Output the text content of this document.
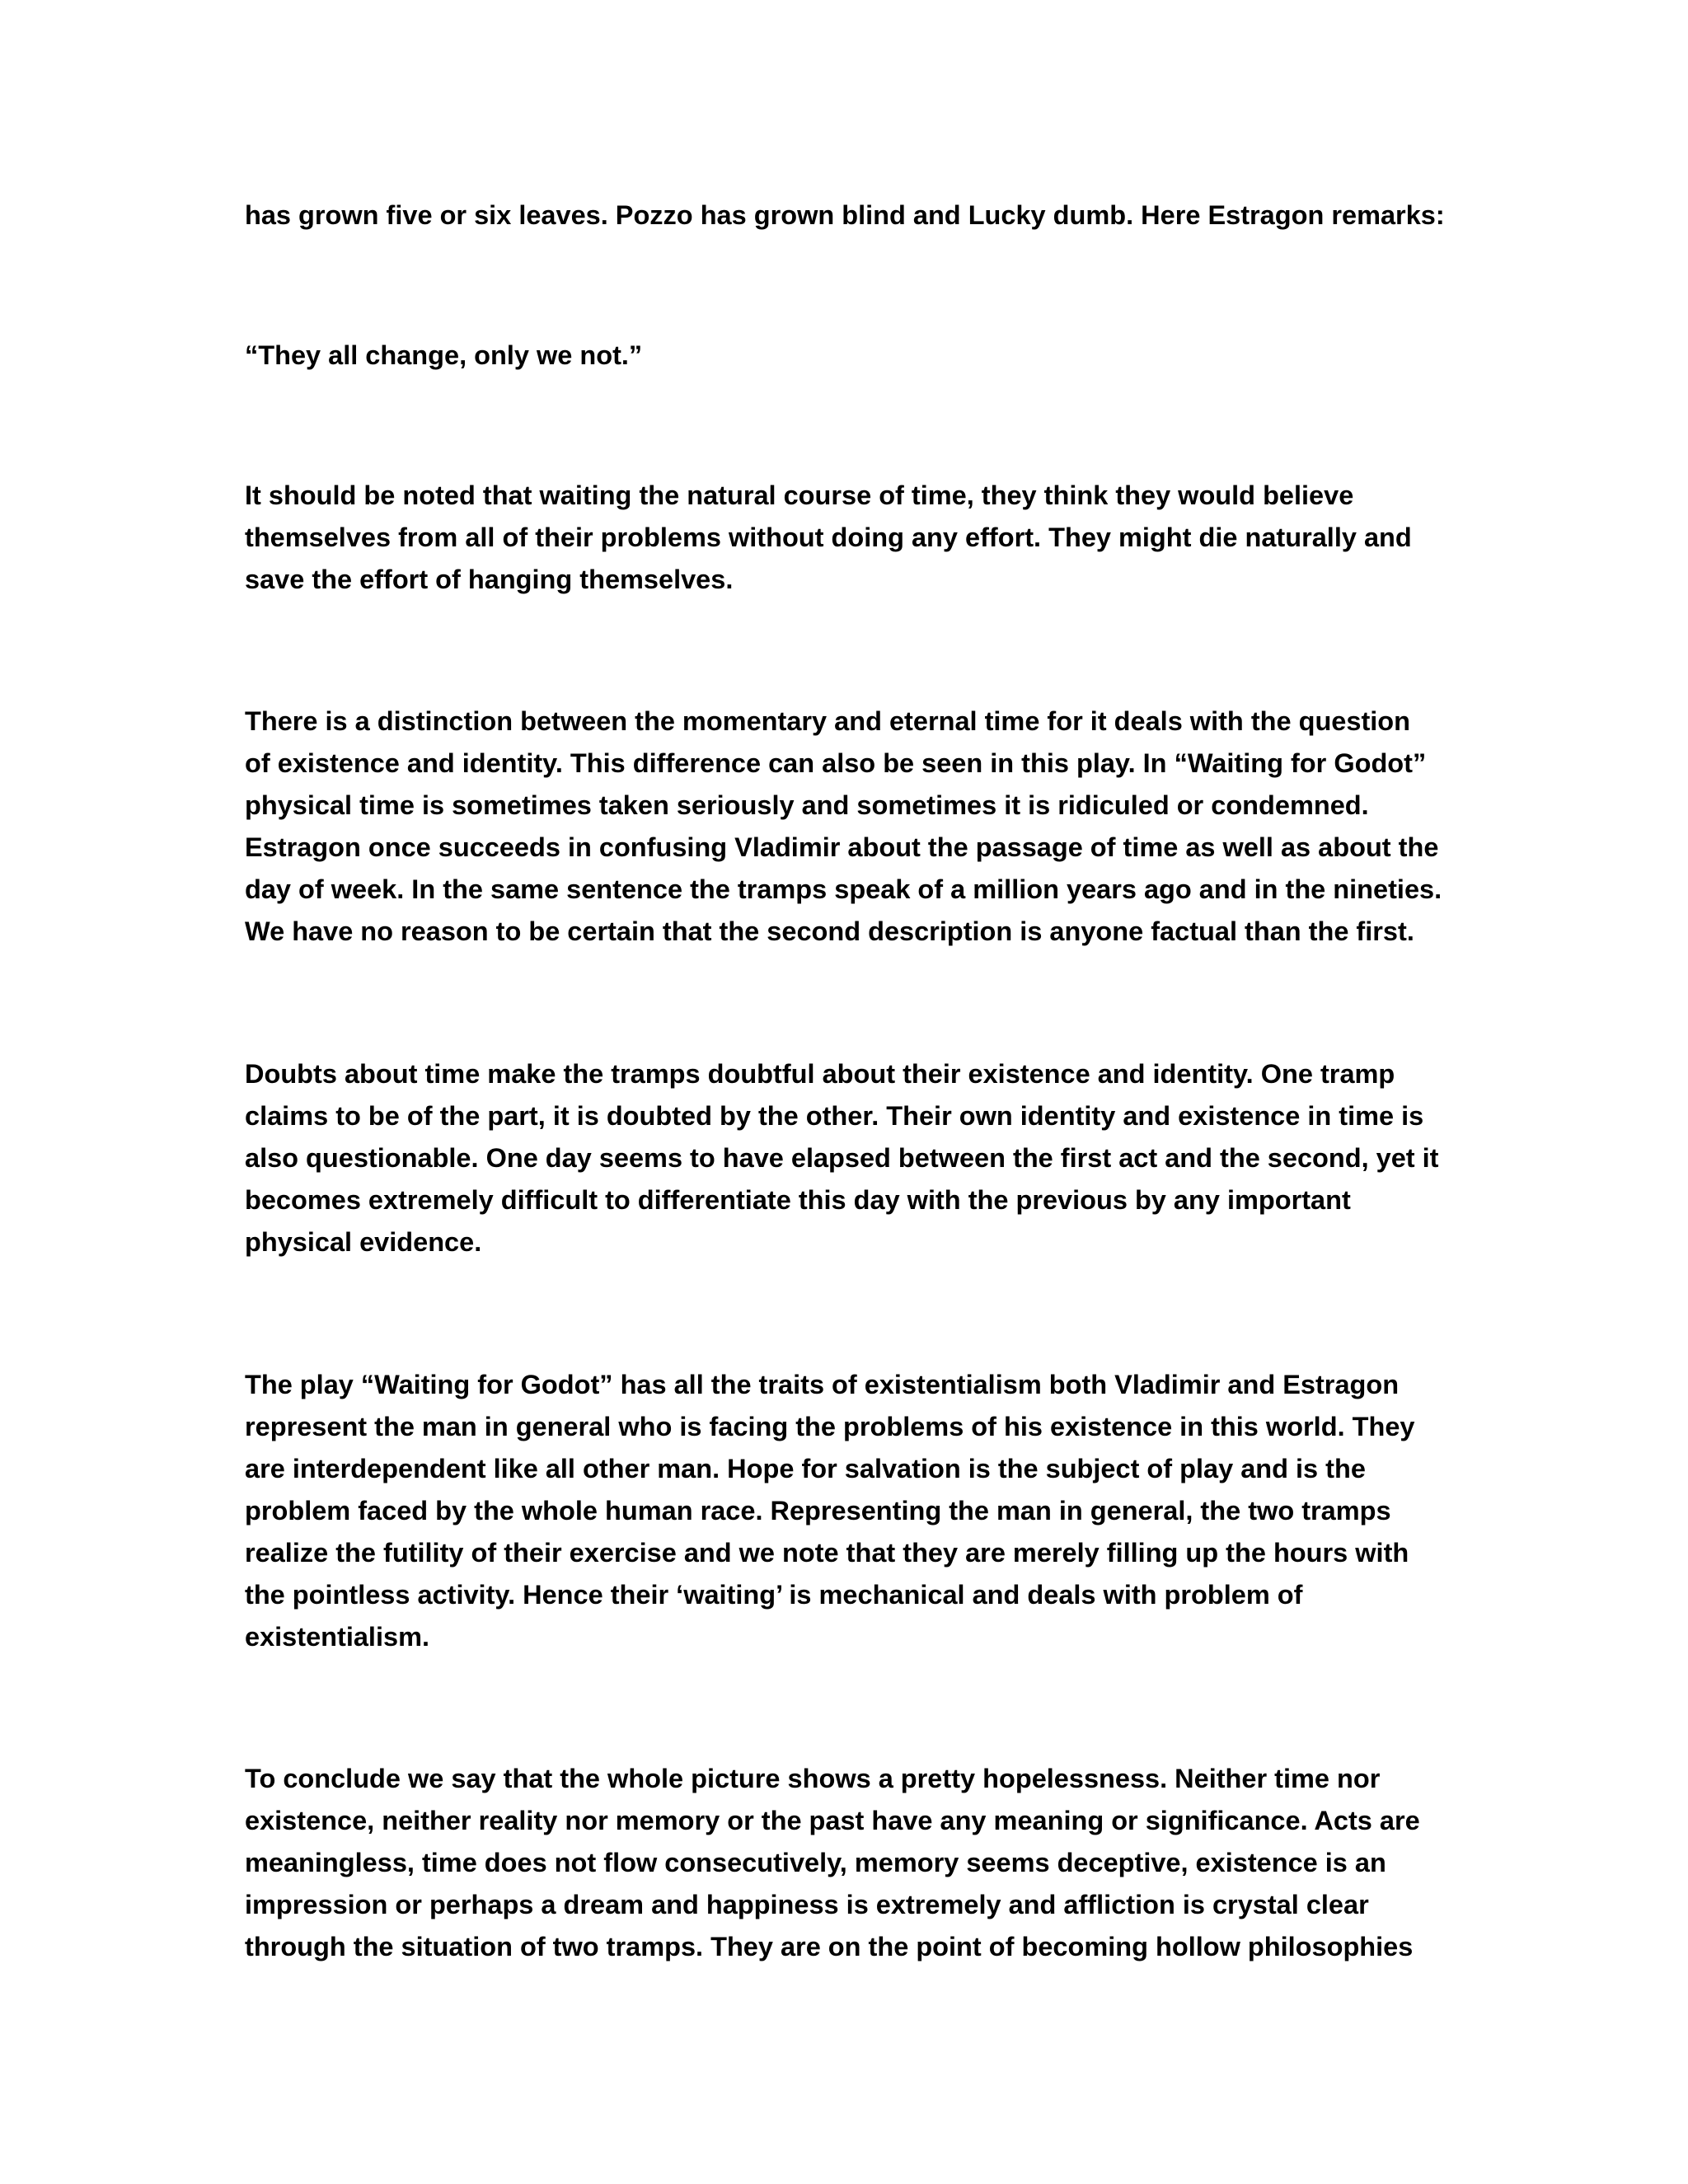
has grown five or six leaves. Pozzo has grown blind and Lucky dumb. Here Estragon remarks:
“They all change, only we not.”
It should be noted that waiting the natural course of time, they think they would believe
themselves from all of their problems without doing any effort. They might die naturally and
save the effort of hanging themselves.
There is a distinction between the momentary and eternal time for it deals with the question
of existence and identity. This difference can also be seen in this play. In “Waiting for Godot”
physical time is sometimes taken seriously and sometimes it is ridiculed or condemned.
Estragon once succeeds in confusing Vladimir about the passage of time as well as about the
day of week. In the same sentence the tramps speak of a million years ago and in the nineties.
We have no reason to be certain that the second description is anyone factual than the first.
Doubts about time make the tramps doubtful about their existence and identity. One tramp
claims to be of the part, it is doubted by the other. Their own identity and existence in time is
also questionable. One day seems to have elapsed between the first act and the second, yet it
becomes extremely difficult to differentiate this day with the previous by any important
physical evidence.
The play “Waiting for Godot” has all the traits of existentialism both Vladimir and Estragon
represent the man in general who is facing the problems of his existence in this world. They
are interdependent like all other man. Hope for salvation is the subject of play and is the
problem faced by the whole human race. Representing the man in general, the two tramps
realize the futility of their exercise and we note that they are merely filling up the hours with
the pointless activity. Hence their ‘waiting’ is mechanical and deals with problem of
existentialism.
To conclude we say that the whole picture shows a pretty hopelessness. Neither time nor
existence, neither reality nor memory or the past have any meaning or significance. Acts are
meaningless, time does not flow consecutively, memory seems deceptive, existence is an
impression or perhaps a dream and happiness is extremely and affliction is crystal clear
through the situation of two tramps. They are on the point of becoming hollow philosophies
